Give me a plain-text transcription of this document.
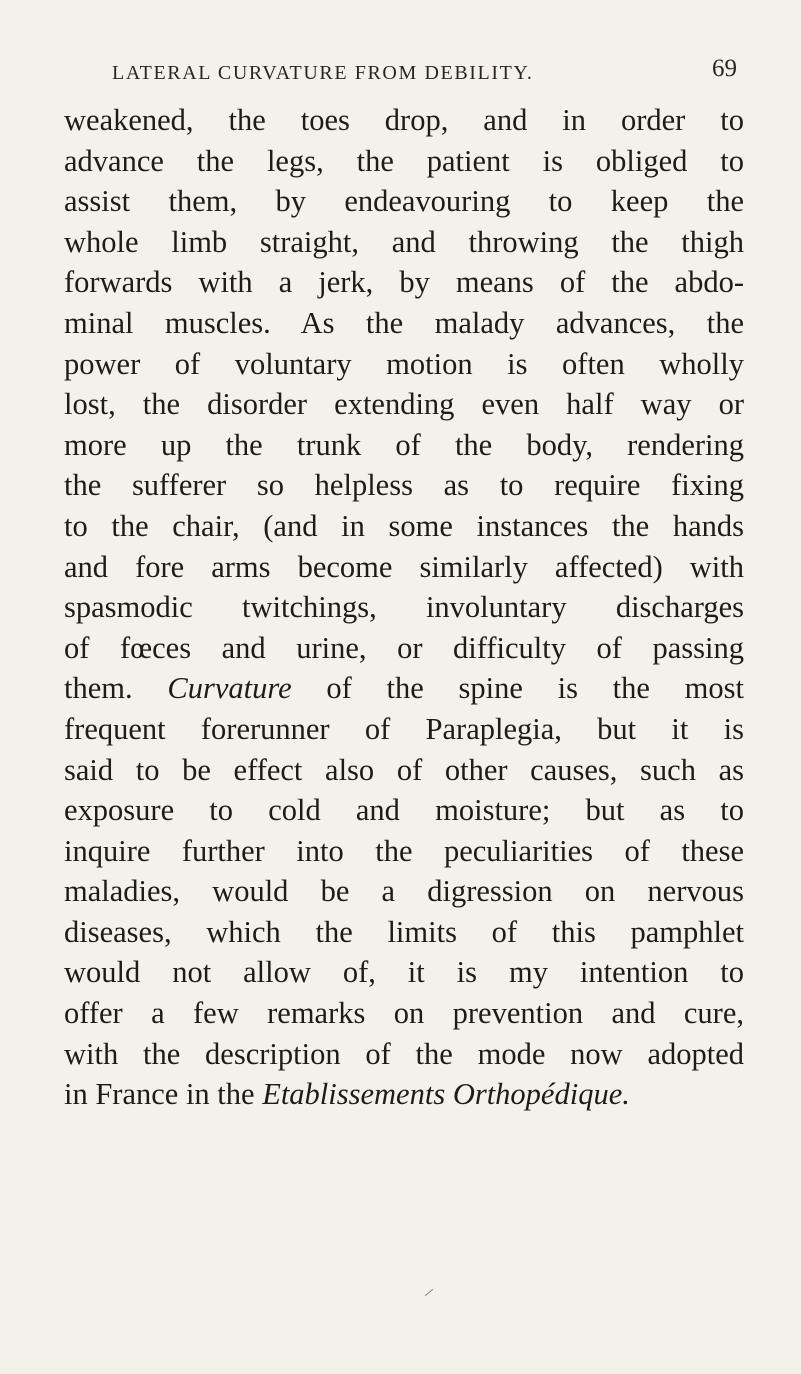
LATERAL CURVATURE FROM DEBILITY.	69

weakened, the toes drop, and in order to
advance the legs, the patient is obliged to
assist them, by endeavouring to keep the
whole limb straight, and throwing the thigh
forwards with a jerk, by means of the abdo-
minal muscles. As the malady advances, the
power of voluntary motion is often wholly
lost, the disorder extending even half way or
more up the trunk of the body, rendering
the sufferer so helpless as to require fixing
to the chair, (and in some instances the hands
and fore arms become similarly affected) with
spasmodic twitchings, involuntary discharges
of fœces and urine, or difficulty of passing
them. Curvature of the spine is the most
frequent forerunner of Paraplegia, but it is
said to be effect also of other causes, such as
exposure to cold and moisture; but as to
inquire further into the peculiarities of these
maladies, would be a digression on nervous
diseases, which the limits of this pamphlet
would not allow of, it is my intention to
offer a few remarks on prevention and cure,
with the description of the mode now adopted
in France in the Etablissements Orthopédique.
